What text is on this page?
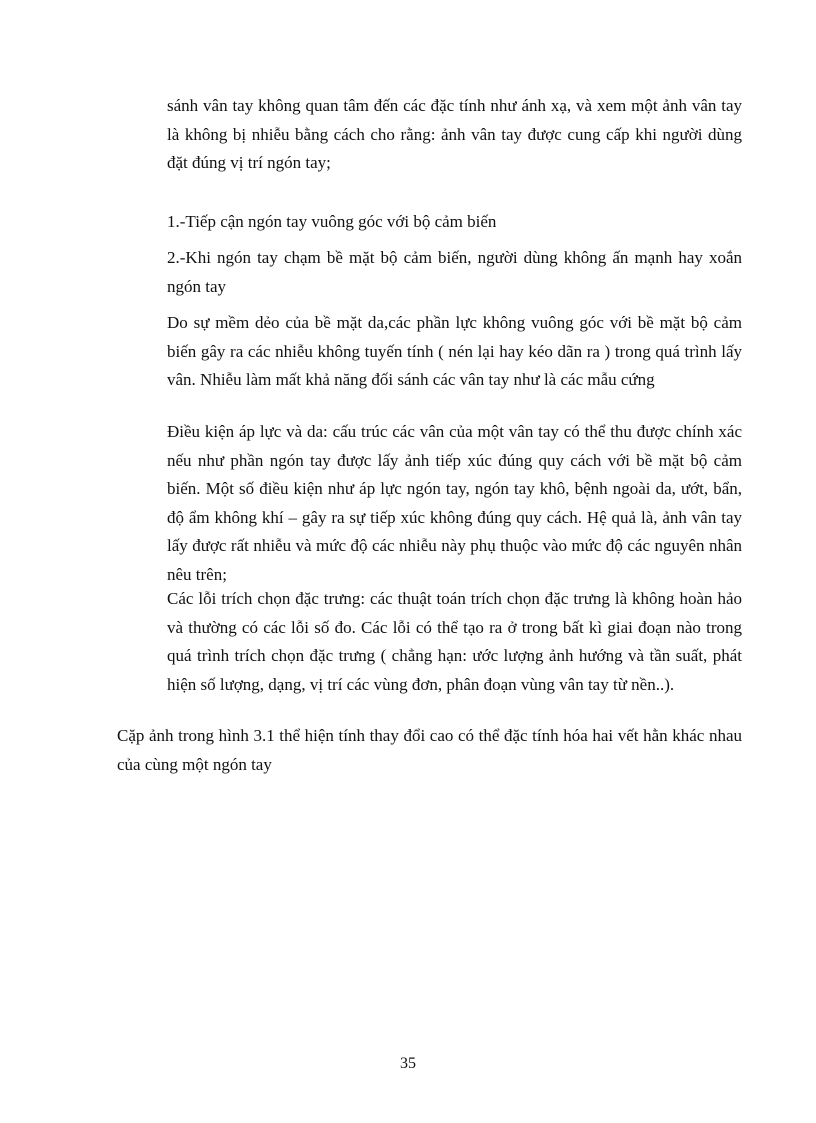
sánh vân tay không quan tâm đến các đặc tính như ánh xạ, và xem một ảnh vân tay là không bị nhiễu bằng cách cho rằng: ảnh vân tay được cung cấp khi người dùng đặt đúng vị trí ngón tay;

1.-Tiếp cận ngón tay vuông góc với bộ cảm biến

2.-Khi ngón tay chạm bề mặt bộ cảm biến, người dùng không ấn mạnh hay xoắn ngón tay

Do sự mềm dẻo của bề mặt da,các phần lực không vuông góc với bề mặt bộ cảm biến gây ra các nhiễu không tuyến tính ( nén lại hay kéo dãn ra ) trong quá trình lấy vân. Nhiễu làm mất khả năng đối sánh các vân tay như là các mẫu cứng

Điều kiện áp lực và da: cấu trúc các vân của một vân tay có thể thu được chính xác nếu như phần ngón tay được lấy ảnh tiếp xúc đúng quy cách với bề mặt bộ cảm biến. Một số điều kiện như áp lực ngón tay, ngón tay khô, bệnh ngoài da, ướt, bẩn, độ ẩm không khí – gây ra sự tiếp xúc không đúng quy cách. Hệ quả là, ảnh vân tay lấy được rất nhiễu và mức độ các nhiễu này phụ thuộc vào mức độ các nguyên nhân nêu trên;

Các lỗi trích chọn đặc trưng: các thuật toán trích chọn đặc trưng là không hoàn hảo và thường có các lỗi số đo. Các lỗi có thể tạo ra ở trong bất kì giai đoạn nào trong quá trình trích chọn đặc trưng ( chẳng hạn: ước lượng ảnh hướng và tần suất, phát hiện số lượng, dạng, vị trí các vùng đơn, phân đoạn vùng vân tay từ nền..).

Cặp ảnh trong hình 3.1 thể hiện tính thay đổi cao có thể đặc tính hóa hai vết hằn khác nhau của cùng một ngón tay

35
